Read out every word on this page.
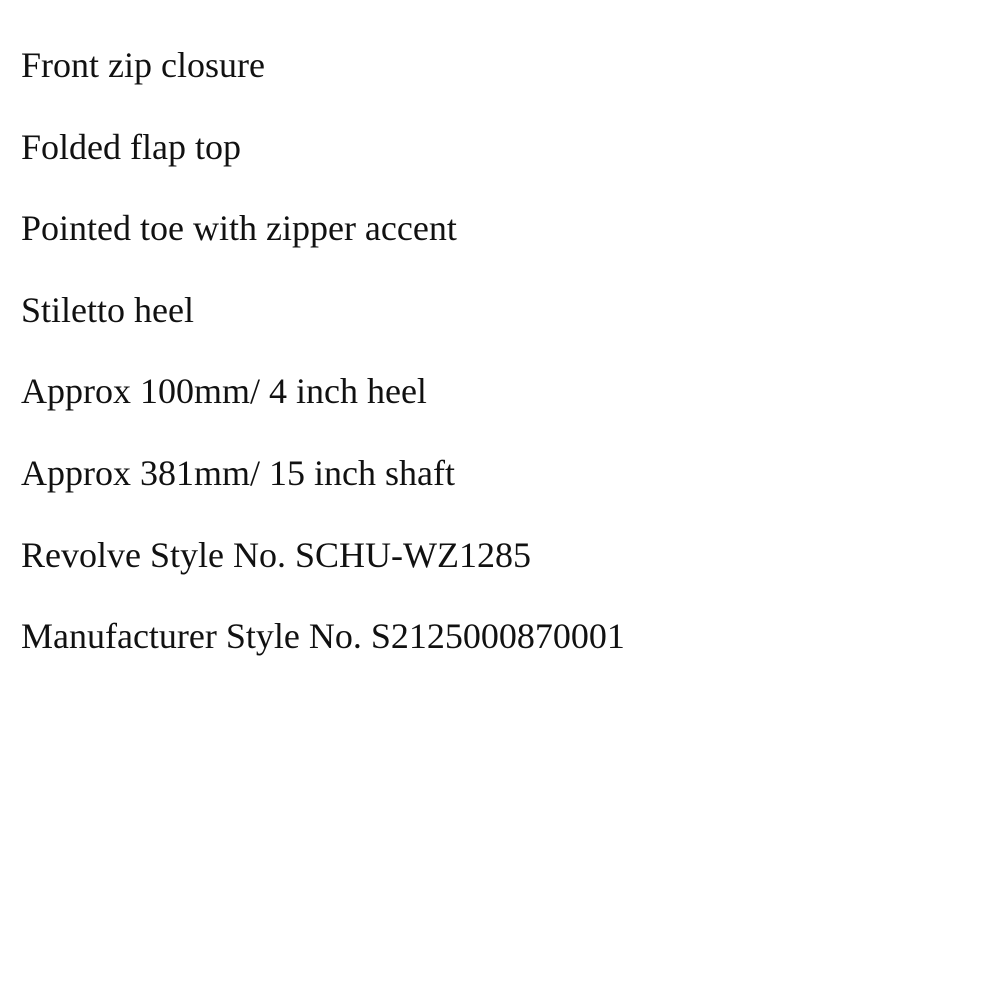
Front zip closure
Folded flap top
Pointed toe with zipper accent
Stiletto heel
Approx 100mm/ 4 inch heel
Approx 381mm/ 15 inch shaft
Revolve Style No. SCHU-WZ1285
Manufacturer Style No. S2125000870001
